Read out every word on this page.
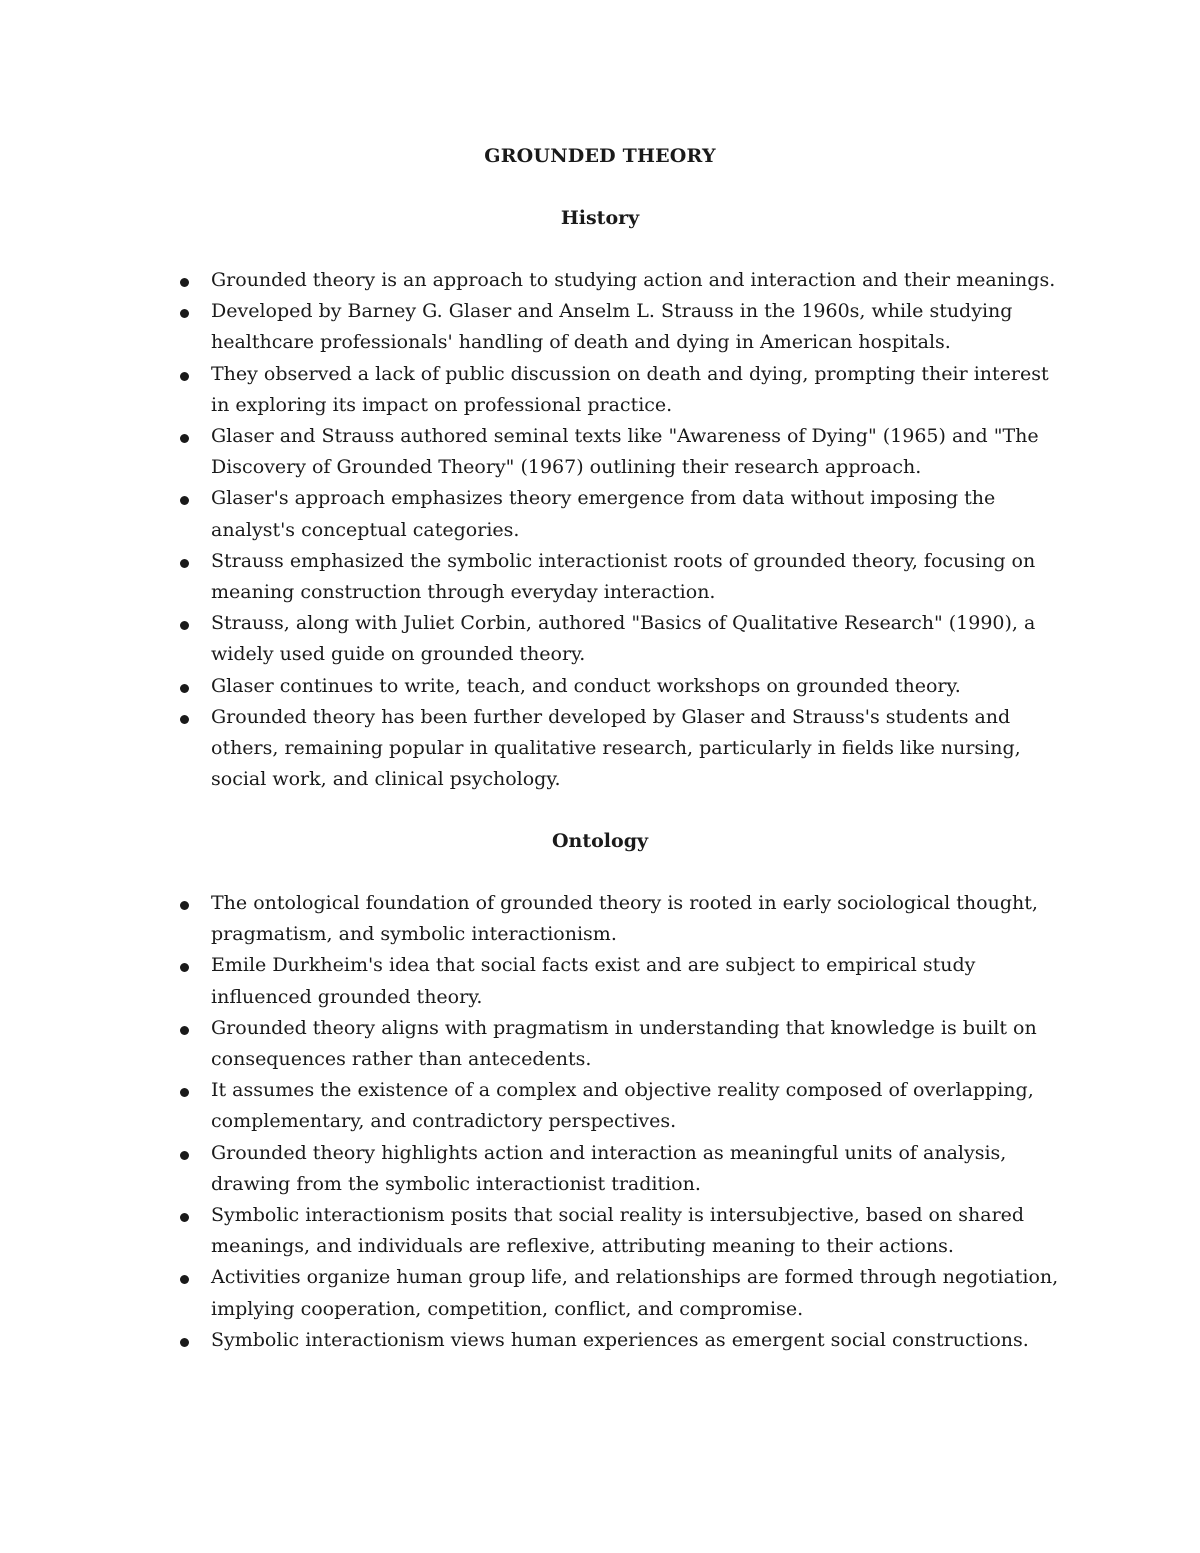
GROUNDED THEORY
History
Grounded theory is an approach to studying action and interaction and their meanings.
Developed by Barney G. Glaser and Anselm L. Strauss in the 1960s, while studying healthcare professionals' handling of death and dying in American hospitals.
They observed a lack of public discussion on death and dying, prompting their interest in exploring its impact on professional practice.
Glaser and Strauss authored seminal texts like "Awareness of Dying" (1965) and "The Discovery of Grounded Theory" (1967) outlining their research approach.
Glaser's approach emphasizes theory emergence from data without imposing the analyst's conceptual categories.
Strauss emphasized the symbolic interactionist roots of grounded theory, focusing on meaning construction through everyday interaction.
Strauss, along with Juliet Corbin, authored "Basics of Qualitative Research" (1990), a widely used guide on grounded theory.
Glaser continues to write, teach, and conduct workshops on grounded theory.
Grounded theory has been further developed by Glaser and Strauss's students and others, remaining popular in qualitative research, particularly in fields like nursing, social work, and clinical psychology.
Ontology
The ontological foundation of grounded theory is rooted in early sociological thought, pragmatism, and symbolic interactionism.
Emile Durkheim's idea that social facts exist and are subject to empirical study influenced grounded theory.
Grounded theory aligns with pragmatism in understanding that knowledge is built on consequences rather than antecedents.
It assumes the existence of a complex and objective reality composed of overlapping, complementary, and contradictory perspectives.
Grounded theory highlights action and interaction as meaningful units of analysis, drawing from the symbolic interactionist tradition.
Symbolic interactionism posits that social reality is intersubjective, based on shared meanings, and individuals are reflexive, attributing meaning to their actions.
Activities organize human group life, and relationships are formed through negotiation, implying cooperation, competition, conflict, and compromise.
Symbolic interactionism views human experiences as emergent social constructions.
